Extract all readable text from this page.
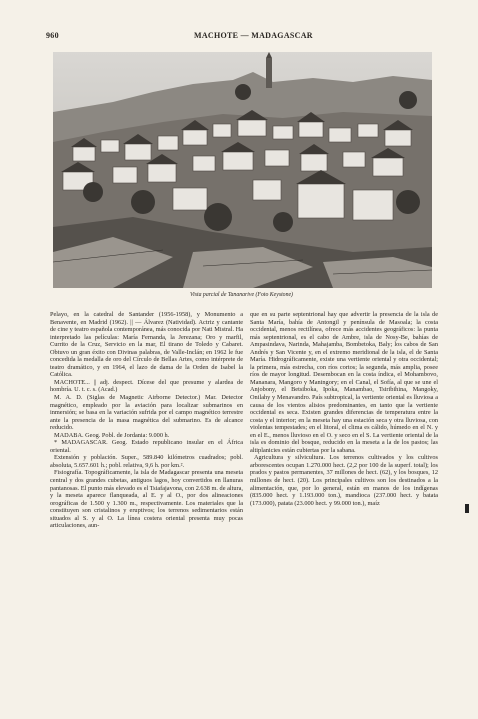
960	MACHOTE — MADAGASCAR
Vista parcial de Tananarive (Foto Keystone)

Pelayo, en la catedral de Santander (1956-1958), y Monumento a Benavente, en Madrid (1962). || — Álvarez (Natividad). Actriz y cantante de cine y teatro española contemporánea, más conocida por Nati Mistral. Ha interpretado las películas: María Fernanda, la Jerezana; Oro y marfil, Currito de la Cruz, Servicio en la mar, El tirano de Toledo y Cabaret. Obtuvo un gran éxito con Divinas palabras, de Valle-Inclán; en 1962 le fue concedida la medalla de oro del Círculo de Bellas Artes, como intérprete de teatro dramático, y en 1964, el lazo de dama de la Orden de Isabel la Católica.

MACHOTE... || adj. despect. Dícese del que presume y alardea de hombría. U. t. c. s. (Acad.)

M. A. D. (Siglas de Magnetic Airborne Detector.) Mar. Detector magnético, empleado por la aviación para localizar submarinos en inmersión; se basa en la variación sufrida por el campo magnético terrestre ante la presencia de la masa magnética del submarino. Es de alcance reducido.

MADABA. Geog. Pobl. de Jordania: 9.000 h.

* MADAGASCAR. Geog. Estado republicano insular en el África oriental.

Extensión y población. Super., 589.840 kilómetros cuadrados; pobl. absoluta, 5.657.601 h.; pobl. relativa, 9,6 h. por km.².

Fisiografía. Topográficamente, la isla de Madagascar presenta una meseta central y dos grandes cubetas, antiguos lagos, hoy convertidos en llanuras pantanosas. El punto más elevado es el Tsiafajavona, con 2.638 m. de altura, y la meseta aparece flanqueada, al E. y al O., por dos alineaciones orográficas de 1.500 y 1.300 m., respectivamente. Los materiales que la constituyen son cristalinos y eruptivos; los terrenos sedimentarios están situados al S. y al O. La línea costera oriental presenta muy pocas articulaciones, aun-

que en su parte septentrional hay que advertir la presencia de la isla de Santa María, bahía de Antongil y península de Masoala; la costa occidental, menos rectilínea, ofrece más accidentes geográficos: la punta más septentrional, es el cabo de Ambre, isla de Nosy-Be, bahías de Ampasindava, Narinda, Mahajamba, Bombetoka, Baly; los cabos de San Andrés y San Vicente y, en el extremo meridional de la isla, el de Santa María. Hidrográficamente, existe una vertiente oriental y otra occidental; la primera, más estrecha, con ríos cortos; la segunda, más amplia, posee ríos de mayor longitud. Desembocan en la costa índica, el Mohambovo, Mananara, Mangoro y Maningory; en el Canal, el Sofía, al que se une el Anjobony, el Betsiboka, Ipoka, Manambao, Tsiribihina, Mangoky, Onilahy y Menavandro. País subtropical, la vertiente oriental es lluviosa a causa de los vientos alisios predominantes, en tanto que la vertiente occidental es seca. Existen grandes diferencias de temperatura entre la costa y el interior; en la meseta hay una estación seca y otra lluviosa, con violentas tempestades; en el litoral, el clima es cálido, húmedo en el N. y en el E., menos lluvioso en el O. y seco en el S. La vertiente oriental de la isla es dominio del bosque, reducido en la meseta a la de los pastos; las altiplanicies están cubiertas por la sabana.

Agricultura y silvicultura. Los terrenos cultivados y los cultivos arborescentes ocupan 1.270.000 hect. (2,2 por 100 de la superf. total); los prados y pastos permanentes, 37 millones de hect. (62), y los bosques, 12 millones de hect. (20). Los principales cultivos son los destinados a la alimentación, que, por lo general, están en manos de los indígenas (835.000 hect. y 1.193.000 ton.), mandioca (237.000 hect. y batata (173.000), patata (23.000 hect. y 99.000 ton.), maíz
